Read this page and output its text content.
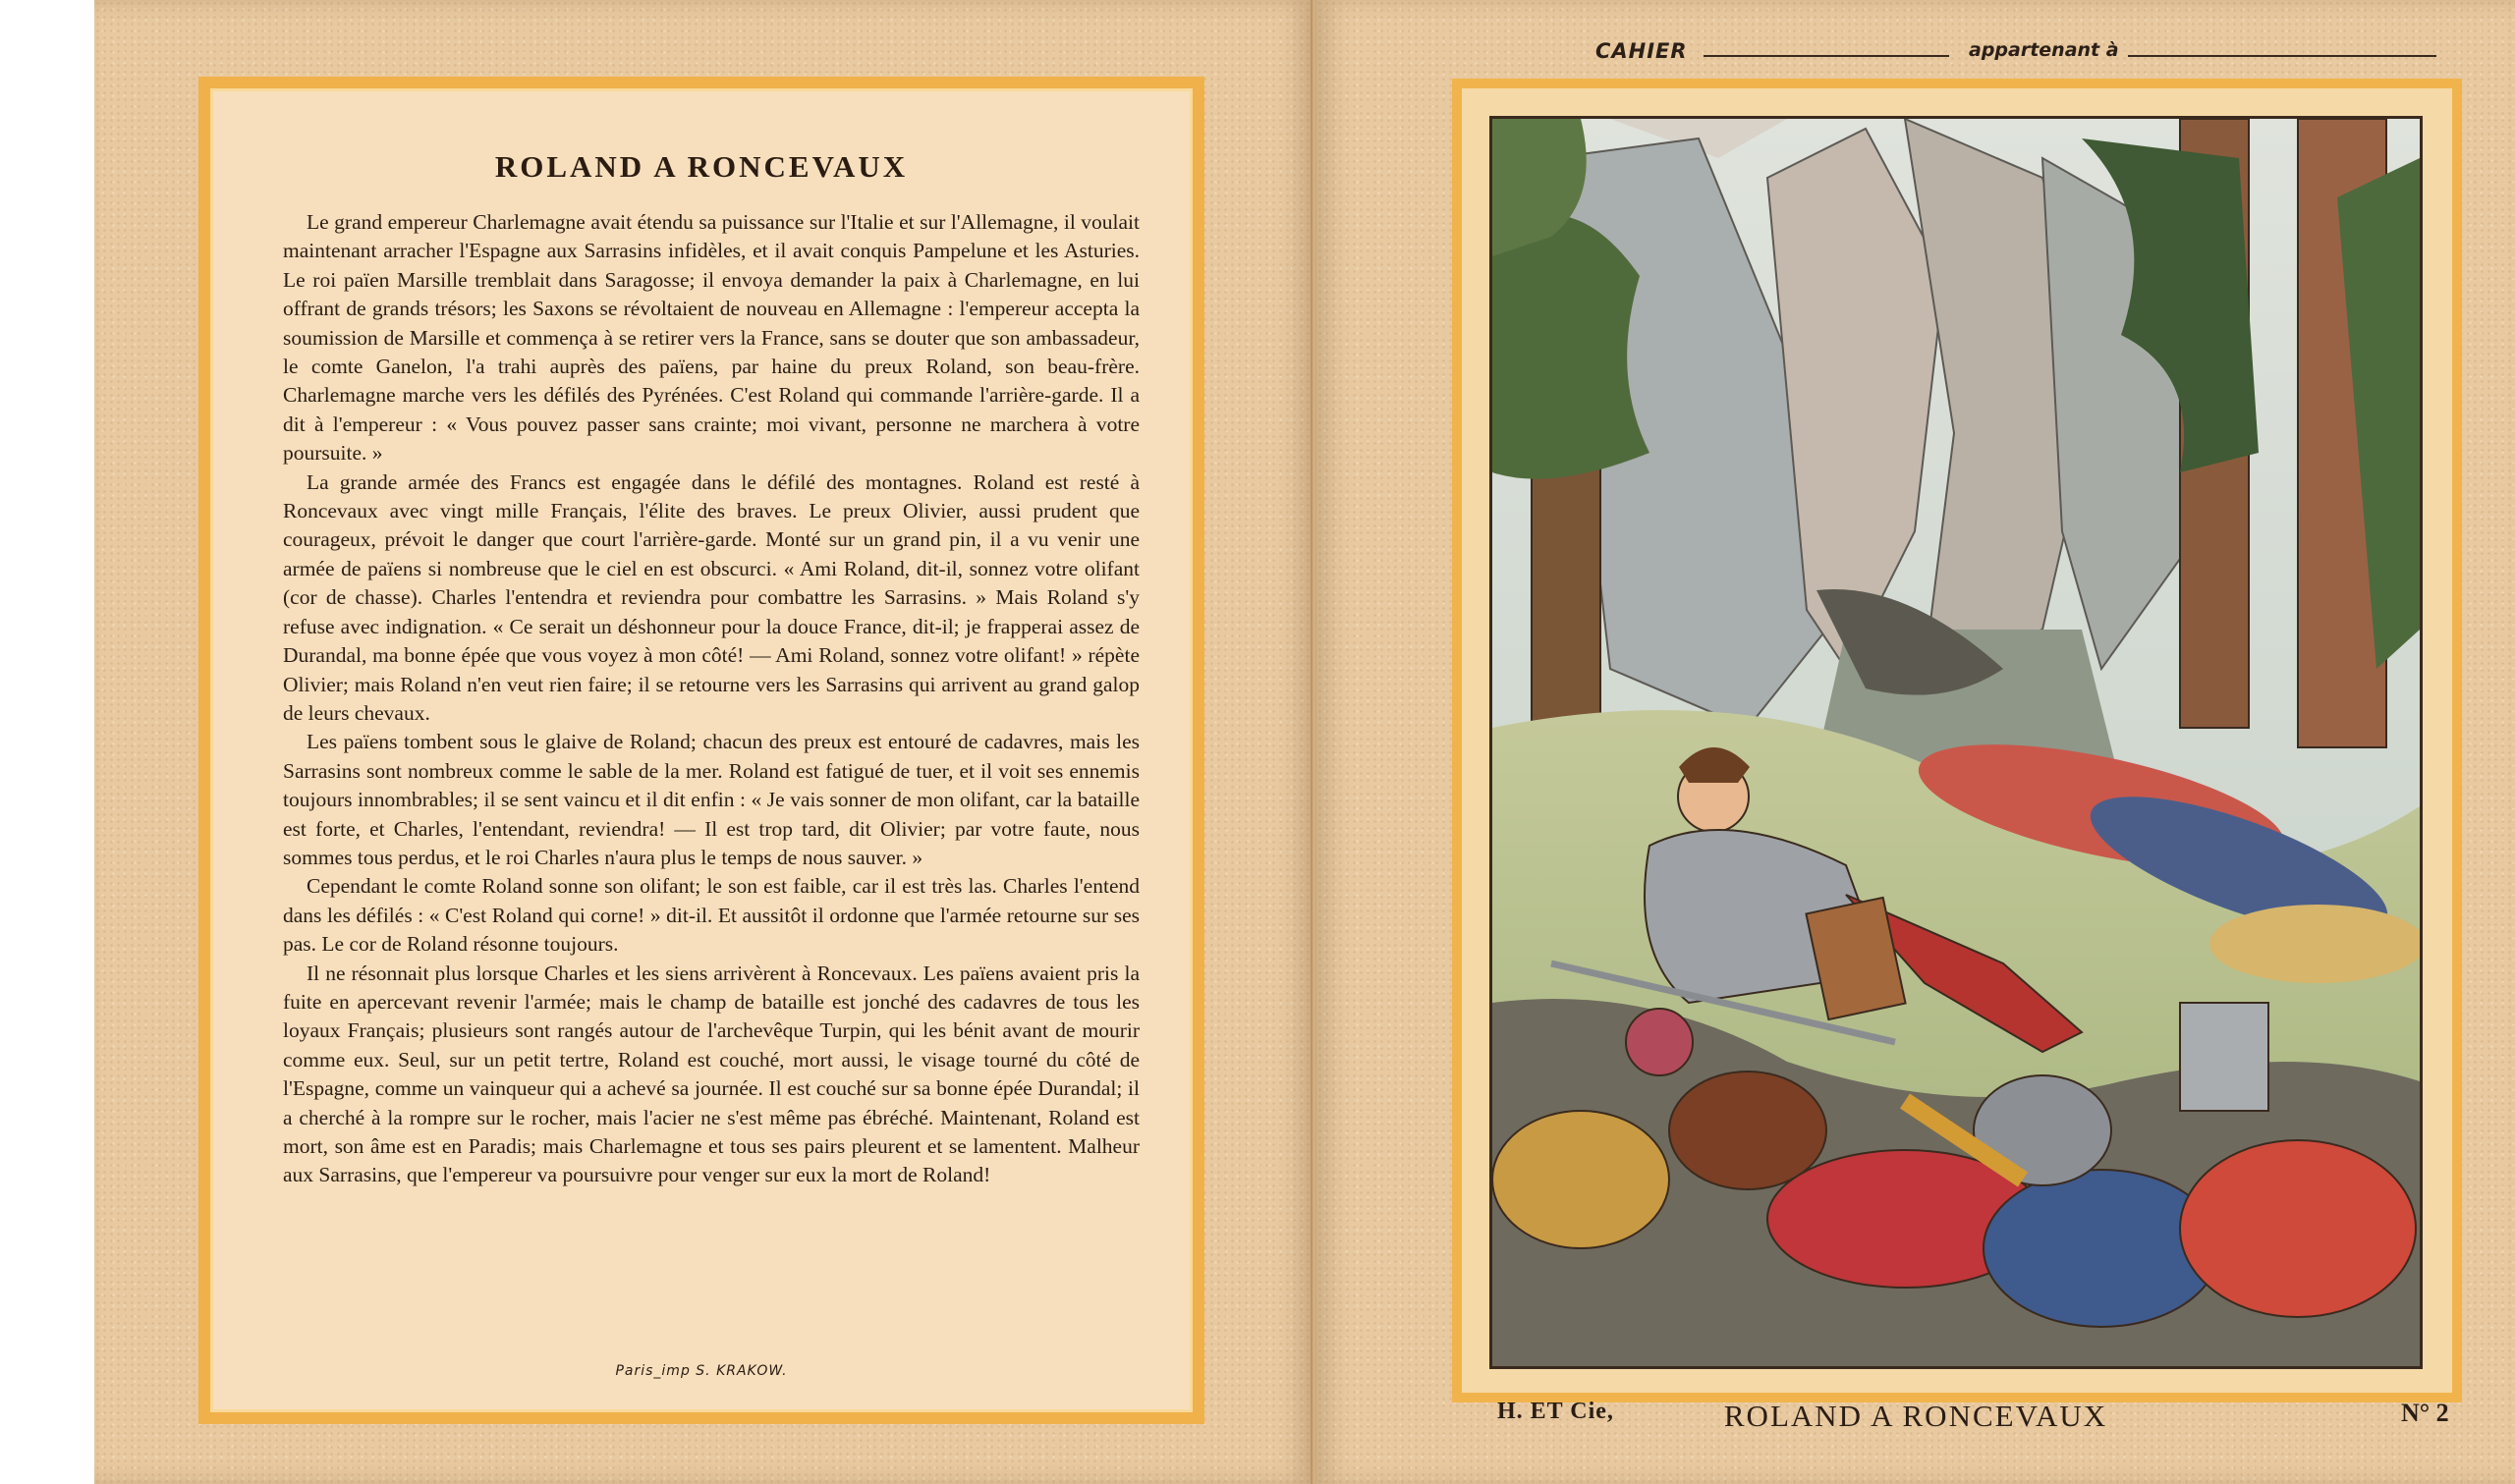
ROLAND A RONCEVAUX

Le grand empereur Charlemagne avait étendu sa puissance sur l'Italie et sur l'Allemagne, il voulait maintenant arracher l'Espagne aux Sarrasins infidèles, et il avait conquis Pampelune et les Asturies. Le roi païen Marsille tremblait dans Saragosse; il envoya demander la paix à Charlemagne, en lui offrant de grands trésors; les Saxons se révoltaient de nouveau en Allemagne : l'empereur accepta la soumission de Marsille et commença à se retirer vers la France, sans se douter que son ambassadeur, le comte Ganelon, l'a trahi auprès des païens, par haine du preux Roland, son beau-frère. Charlemagne marche vers les défilés des Pyrénées. C'est Roland qui commande l'arrière-garde. Il a dit à l'empereur : « Vous pouvez passer sans crainte; moi vivant, personne ne marchera à votre poursuite. »

La grande armée des Francs est engagée dans le défilé des montagnes. Roland est resté à Roncevaux avec vingt mille Français, l'élite des braves. Le preux Olivier, aussi prudent que courageux, prévoit le danger que court l'arrière-garde. Monté sur un grand pin, il a vu venir une armée de païens si nombreuse que le ciel en est obscurci. « Ami Roland, dit-il, sonnez votre olifant (cor de chasse). Charles l'entendra et reviendra pour combattre les Sarrasins. » Mais Roland s'y refuse avec indignation. « Ce serait un déshonneur pour la douce France, dit-il; je frapperai assez de Durandal, ma bonne épée que vous voyez à mon côté! — Ami Roland, sonnez votre olifant! » répète Olivier; mais Roland n'en veut rien faire; il se retourne vers les Sarrasins qui arrivent au grand galop de leurs chevaux.

Les païens tombent sous le glaive de Roland; chacun des preux est entouré de cadavres, mais les Sarrasins sont nombreux comme le sable de la mer. Roland est fatigué de tuer, et il voit ses ennemis toujours innombrables; il se sent vaincu et il dit enfin : « Je vais sonner de mon olifant, car la bataille est forte, et Charles, l'entendant, reviendra! — Il est trop tard, dit Olivier; par votre faute, nous sommes tous perdus, et le roi Charles n'aura plus le temps de nous sauver. »

Cependant le comte Roland sonne son olifant; le son est faible, car il est très las. Charles l'entend dans les défilés : « C'est Roland qui corne! » dit-il. Et aussitôt il ordonne que l'armée retourne sur ses pas. Le cor de Roland résonne toujours.

Il ne résonnait plus lorsque Charles et les siens arrivèrent à Roncevaux. Les païens avaient pris la fuite en apercevant revenir l'armée; mais le champ de bataille est jonché des cadavres de tous les loyaux Français; plusieurs sont rangés autour de l'archevêque Turpin, qui les bénit avant de mourir comme eux. Seul, sur un petit tertre, Roland est couché, mort aussi, le visage tourné du côté de l'Espagne, comme un vainqueur qui a achevé sa journée. Il est couché sur sa bonne épée Durandal; il a cherché à la rompre sur le rocher, mais l'acier ne s'est même pas ébréché. Maintenant, Roland est mort, son âme est en Paradis; mais Charlemagne et tous ses pairs pleurent et se lamentent. Malheur aux Sarrasins, que l'empereur va poursuivre pour venger sur eux la mort de Roland!

Paris_imp S. KRAKOW.
CAHIER	appartenant à
H. ET Cie,	ROLAND A RONCEVAUX	N° 2
